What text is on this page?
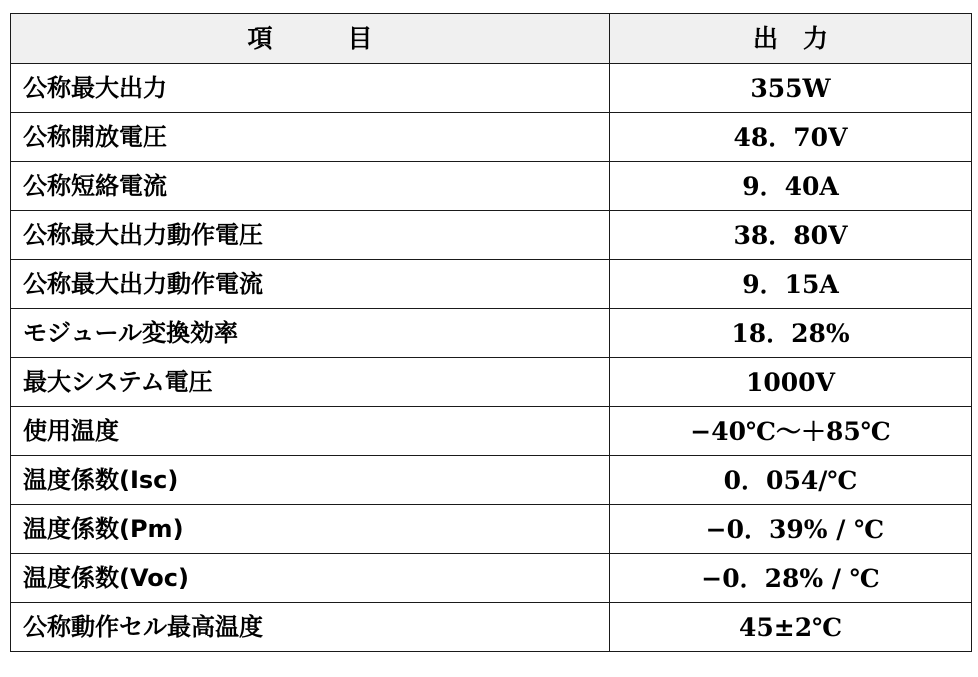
項　　　目	出　力
公称最大出力	355W
公称開放電圧	48．70V
公称短絡電流	9．40A
公称最大出力動作電圧	38．80V
公称最大出力動作電流	9．15A
モジュール変換効率	18．28%
最大システム電圧	1000V
使用温度	−40℃～＋85℃
温度係数(Isc)	0．054/℃
温度係数(Pm)	−0．39% / ℃
温度係数(Voc)	−0．28% / ℃
公称動作セル最高温度	45±2℃
